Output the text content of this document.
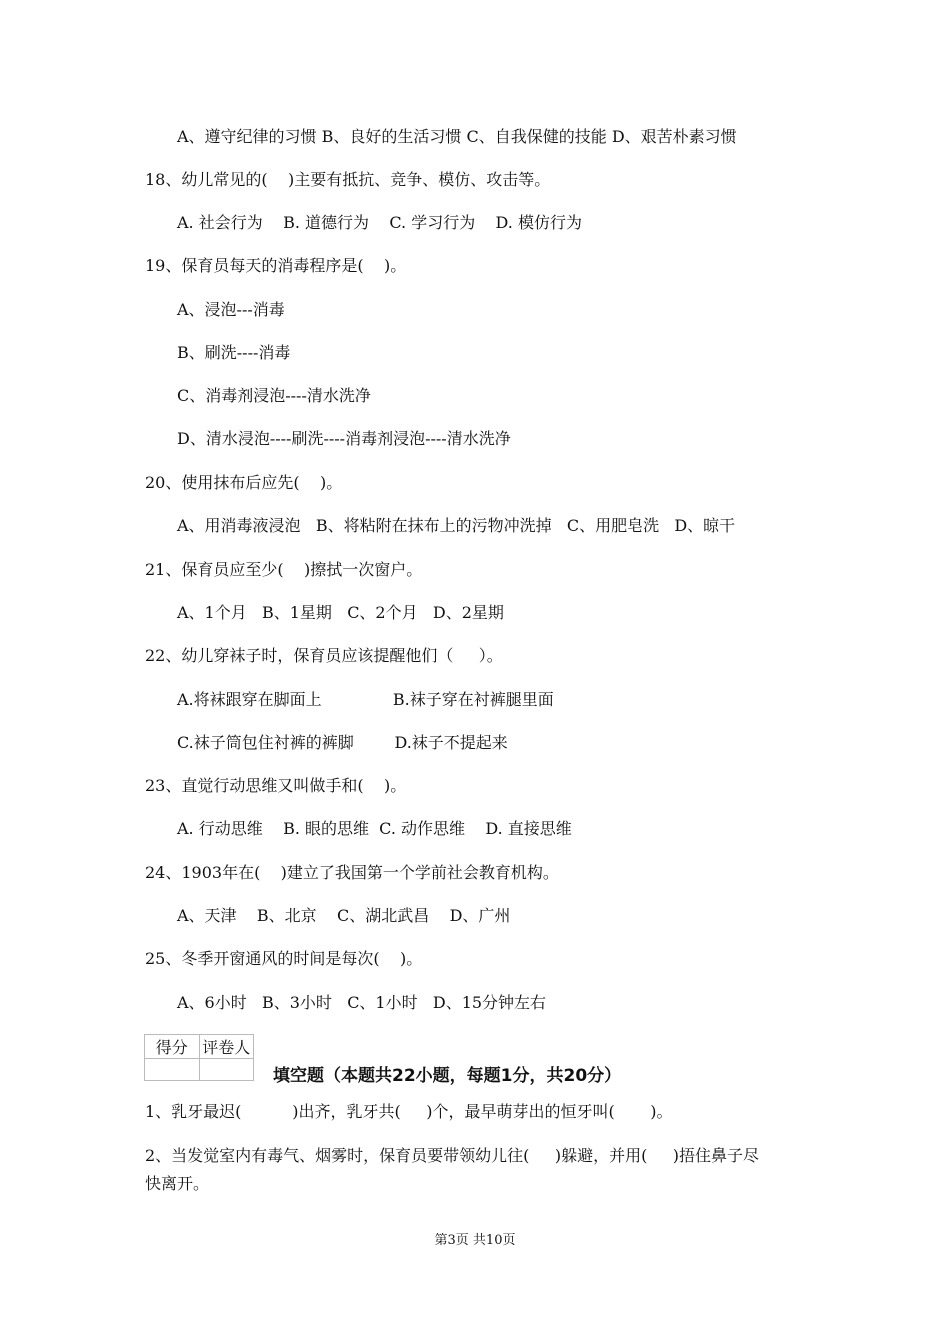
A、遵守纪律的习惯 B、良好的生活习惯 C、自我保健的技能 D、艰苦朴素习惯
18、幼儿常见的(    )主要有抵抗、竞争、模仿、攻击等。
A. 社会行为    B. 道德行为    C. 学习行为    D. 模仿行为
19、保育员每天的消毒程序是(    )。
A、浸泡---消毒
B、刷洗----消毒
C、消毒剂浸泡----清水洗净
D、清水浸泡----刷洗----消毒剂浸泡----清水洗净
20、使用抹布后应先(    )。
A、用消毒液浸泡   B、将粘附在抹布上的污物冲洗掉   C、用肥皂洗   D、晾干
21、保育员应至少(    )擦拭一次窗户。
A、1个月   B、1星期   C、2个月   D、2星期
22、幼儿穿袜子时，保育员应该提醒他们（     ）。
A.将袜跟穿在脚面上              B.袜子穿在衬裤腿里面
C.袜子筒包住衬裤的裤脚        D.袜子不提起来
23、直觉行动思维又叫做手和(    )。
A. 行动思维    B. 眼的思维  C. 动作思维    D. 直接思维
24、1903年在(    )建立了我国第一个学前社会教育机构。
A、天津    B、北京    C、湖北武昌    D、广州
25、冬季开窗通风的时间是每次(    )。
A、6小时   B、3小时   C、1小时   D、15分钟左右
1、乳牙最迟(          )出齐，乳牙共(     )个，最早萌芽出的恒牙叫(       )。
2、当发觉室内有毒气、烟雾时，保育员要带领幼儿往(     )躲避，并用(     )捂住鼻子尽
快离开。
得分	评卷人

填空题（本题共22小题，每题1分，共20分）
第3页 共10页
